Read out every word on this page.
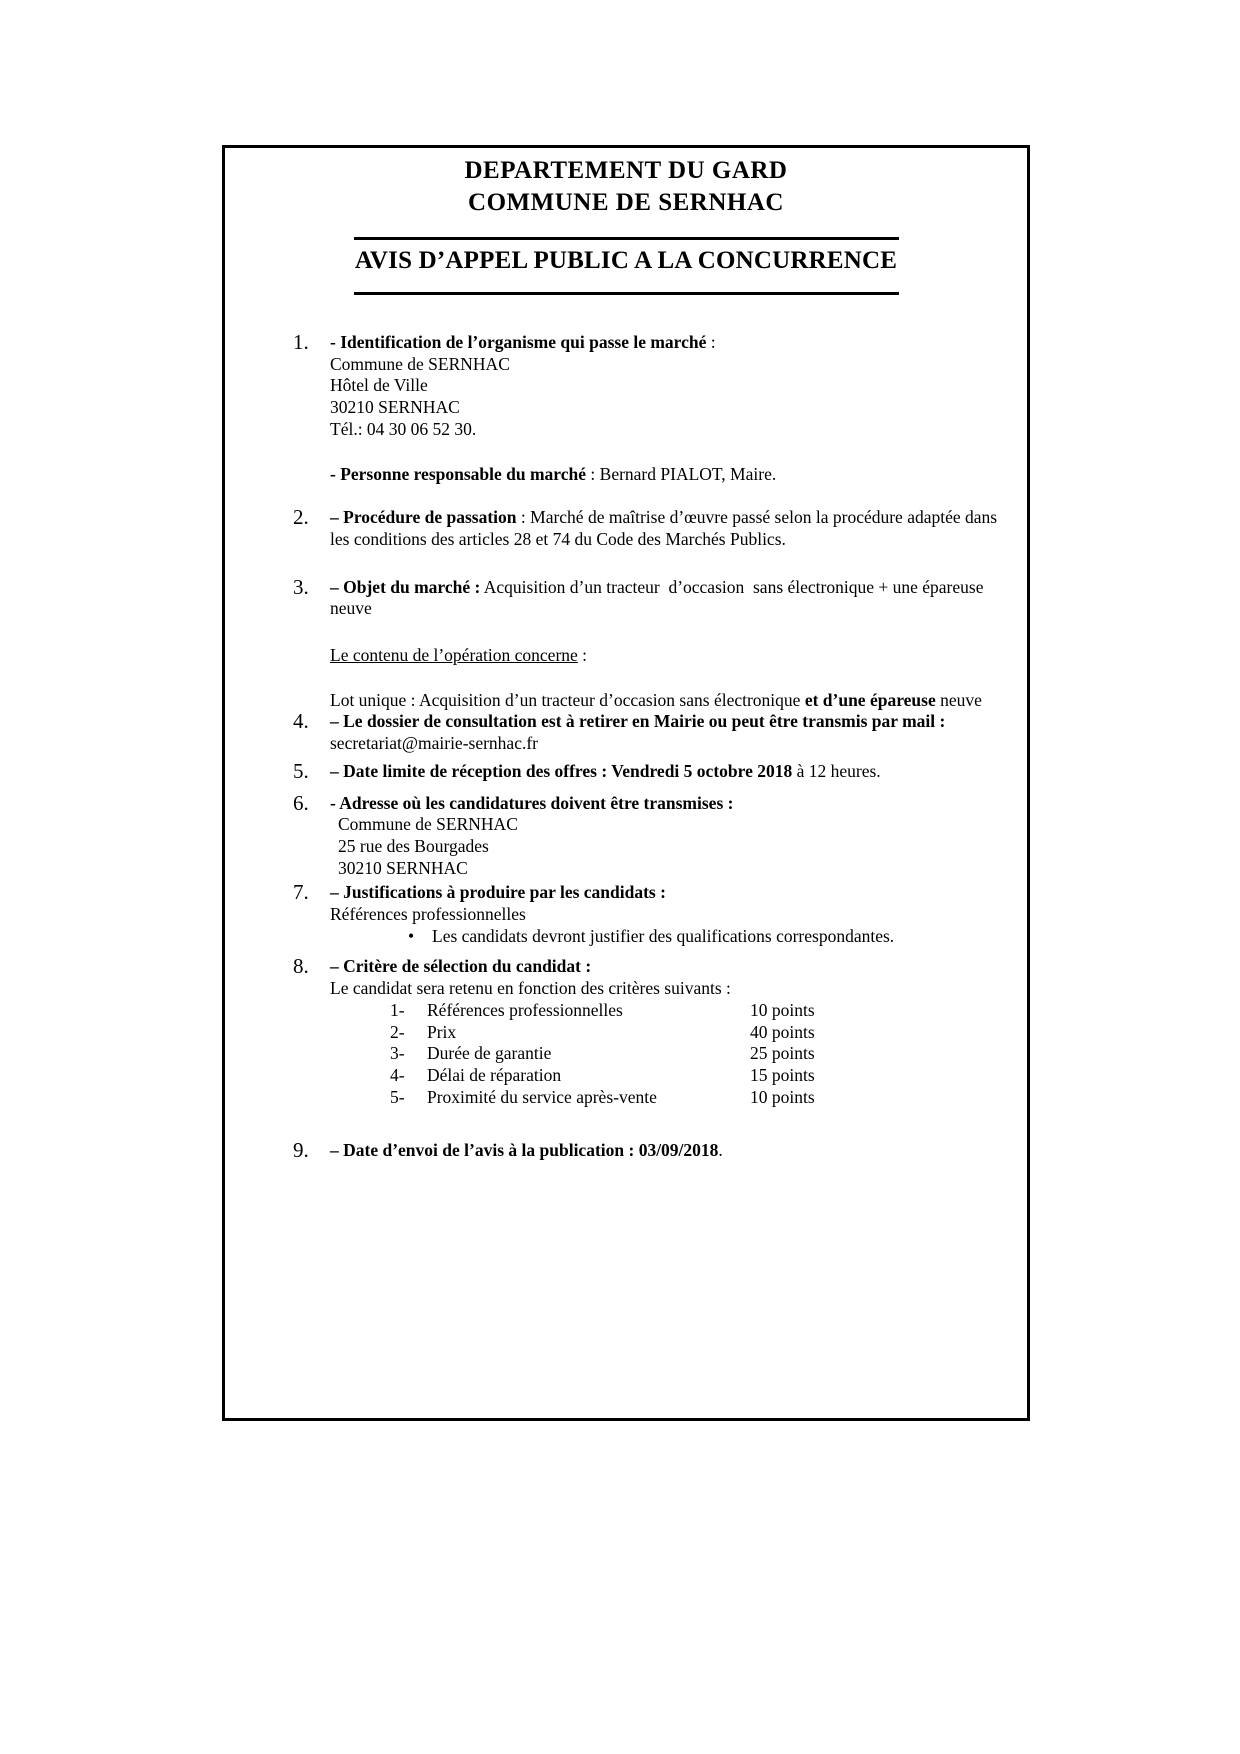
DEPARTEMENT DU GARD
COMMUNE DE SERNHAC
AVIS D’APPEL PUBLIC A LA CONCURRENCE
1. - Identification de l’organisme qui passe le marché :
Commune de SERNHAC
Hôtel de Ville
30210 SERNHAC
Tél.: 04 30 06 52 30.
- Personne responsable du marché : Bernard PIALOT, Maire.
2. – Procédure de passation : Marché de maîtrise d’œuvre passé selon la procédure adaptée dans les conditions des articles 28 et 74 du Code des Marchés Publics.
3. – Objet du marché : Acquisition d’un tracteur  d’occasion  sans électronique + une épareuse neuve
Le contenu de l’opération concerne :
Lot unique : Acquisition d’un tracteur d’occasion sans électronique et d’une épareuse neuve
4. – Le dossier de consultation est à retirer en Mairie ou peut être transmis par mail :
secretariat@mairie-sernhac.fr
5. – Date limite de réception des offres : Vendredi 5 octobre 2018 à 12 heures.
6. - Adresse où les candidatures doivent être transmises :
Commune de SERNHAC
25 rue des Bourgades
30210 SERNHAC
7. – Justifications à produire par les candidats :
Références professionnelles
• Les candidats devront justifier des qualifications correspondantes.
8. – Critère de sélection du candidat :
Le candidat sera retenu en fonction des critères suivants :
1- Références professionnelles	10 points
2- Prix	40 points
3- Durée de garantie	25 points
4- Délai de réparation	15 points
5- Proximité du service après-vente	10 points
9. – Date d’envoi de l’avis à la publication : 03/09/2018.
